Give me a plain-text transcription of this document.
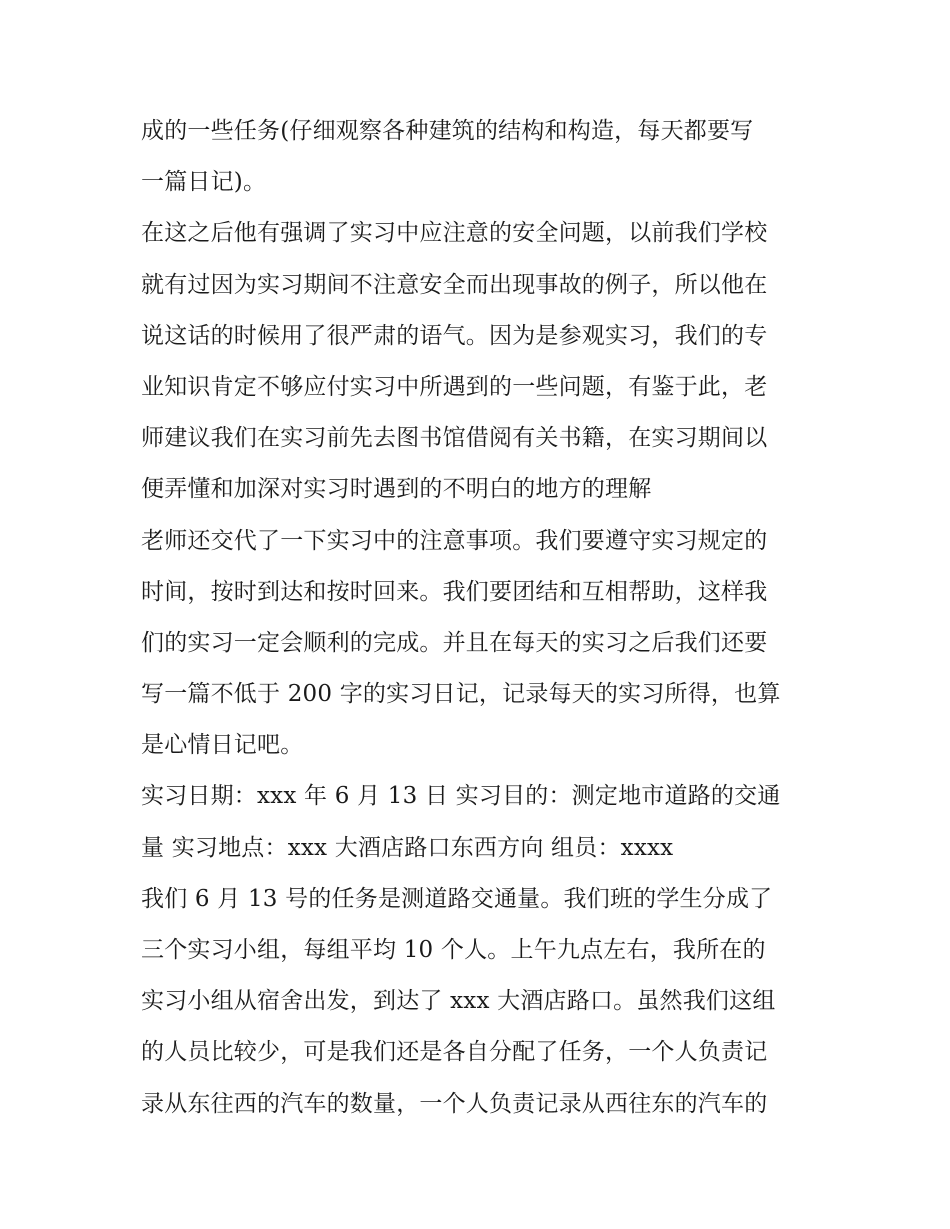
成的一些任务(仔细观察各种建筑的结构和构造，每天都要写
一篇日记)。
在这之后他有强调了实习中应注意的安全问题，以前我们学校
就有过因为实习期间不注意安全而出现事故的例子，所以他在
说这话的时候用了很严肃的语气。因为是参观实习，我们的专
业知识肯定不够应付实习中所遇到的一些问题，有鉴于此，老
师建议我们在实习前先去图书馆借阅有关书籍，在实习期间以
便弄懂和加深对实习时遇到的不明白的地方的理解
老师还交代了一下实习中的注意事项。我们要遵守实习规定的
时间，按时到达和按时回来。我们要团结和互相帮助，这样我
们的实习一定会顺利的完成。并且在每天的实习之后我们还要
写一篇不低于 200 字的实习日记，记录每天的实习所得，也算
是心情日记吧。
实习日期：xxx 年 6 月 13 日 实习目的：测定地市道路的交通
量 实习地点：xxx 大酒店路口东西方向 组员：xxxx
我们 6 月 13 号的任务是测道路交通量。我们班的学生分成了
三个实习小组，每组平均 10 个人。上午九点左右，我所在的
实习小组从宿舍出发，到达了 xxx 大酒店路口。虽然我们这组
的人员比较少，可是我们还是各自分配了任务，一个人负责记
录从东往西的汽车的数量，一个人负责记录从西往东的汽车的
